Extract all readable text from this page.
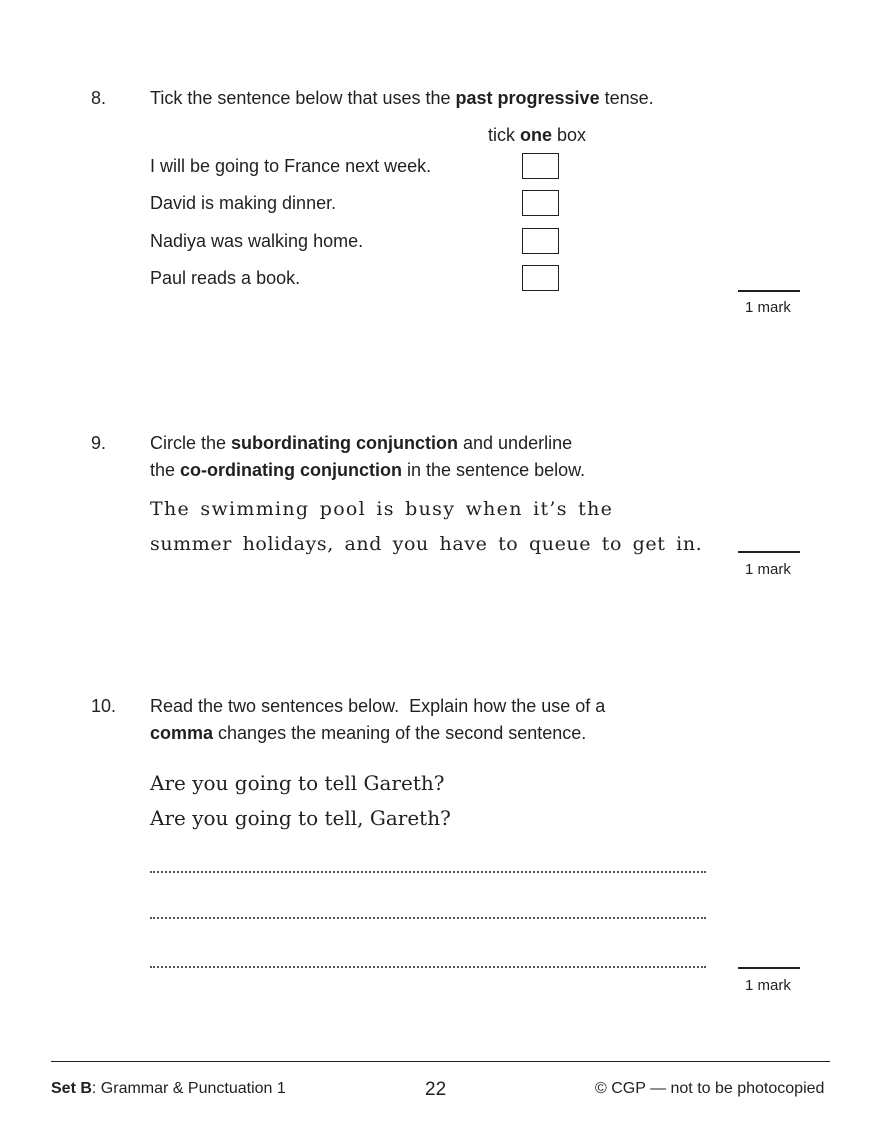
8. Tick the sentence below that uses the past progressive tense.
tick one box
I will be going to France next week.
David is making dinner.
Nadiya was walking home.
Paul reads a book.
1 mark
9. Circle the subordinating conjunction and underline
the co-ordinating conjunction in the sentence below.
The swimming pool is busy when it’s the
summer holidays, and you have to queue to get in.
1 mark
10. Read the two sentences below.  Explain how the use of a
comma changes the meaning of the second sentence.
Are you going to tell Gareth?
Are you going to tell, Gareth?
1 mark
Set B: Grammar & Punctuation 1	22	© CGP — not to be photocopied
